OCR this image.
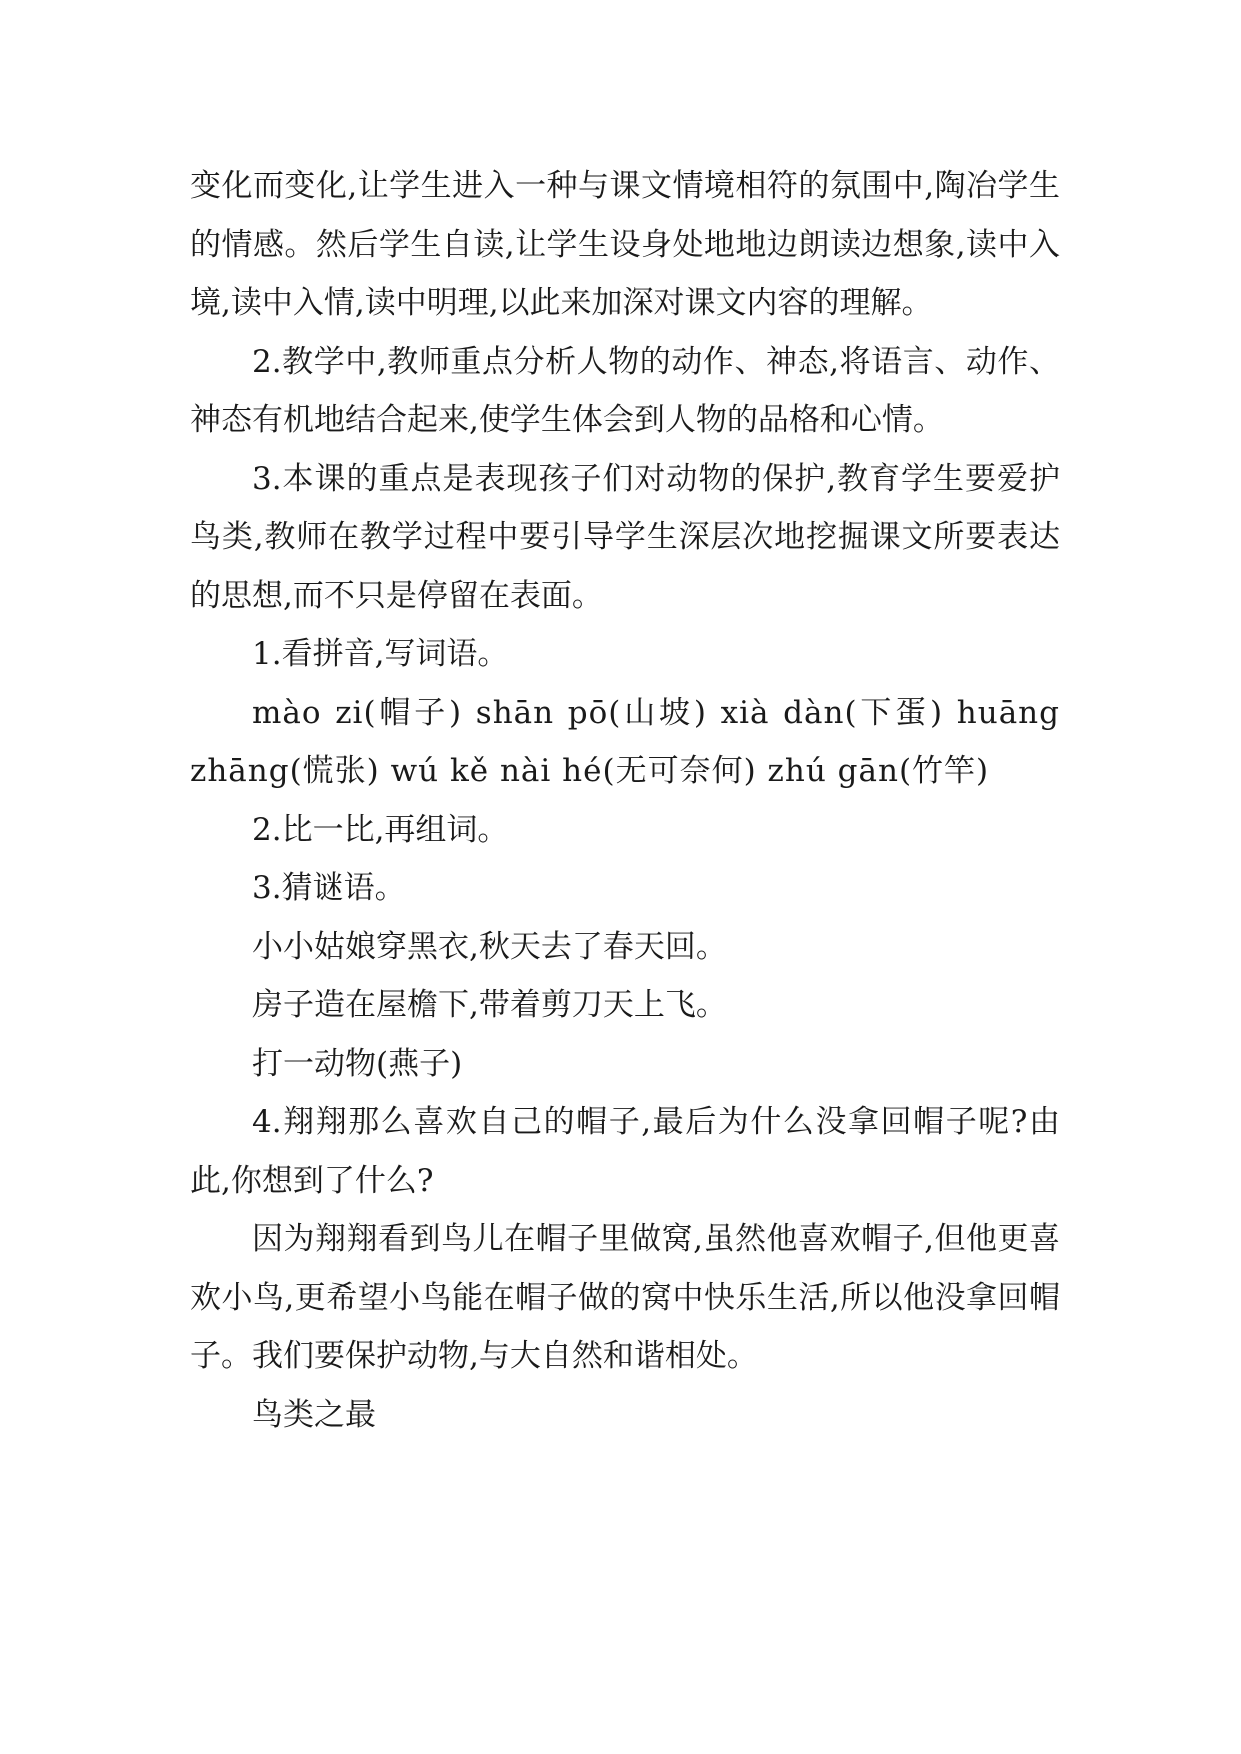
变化而变化,让学生进入一种与课文情境相符的氛围中,陶冶学生的情感。然后学生自读,让学生设身处地地边朗读边想象,读中入境,读中入情,读中明理,以此来加深对课文内容的理解。

2.教学中,教师重点分析人物的动作、神态,将语言、动作、神态有机地结合起来,使学生体会到人物的品格和心情。

3.本课的重点是表现孩子们对动物的保护,教育学生要爱护鸟类,教师在教学过程中要引导学生深层次地挖掘课文所要表达的思想,而不只是停留在表面。

1.看拼音,写词语。

mào zi(帽子) shān pō(山坡) xià dàn(下蛋) huāng zhāng(慌张) wú kě nài hé(无可奈何) zhú gān(竹竿)

2.比一比,再组词。

3.猜谜语。

小小姑娘穿黑衣,秋天去了春天回。

房子造在屋檐下,带着剪刀天上飞。

打一动物(燕子)

4.翔翔那么喜欢自己的帽子,最后为什么没拿回帽子呢?由此,你想到了什么?

因为翔翔看到鸟儿在帽子里做窝,虽然他喜欢帽子,但他更喜欢小鸟,更希望小鸟能在帽子做的窝中快乐生活,所以他没拿回帽子。我们要保护动物,与大自然和谐相处。

鸟类之最
